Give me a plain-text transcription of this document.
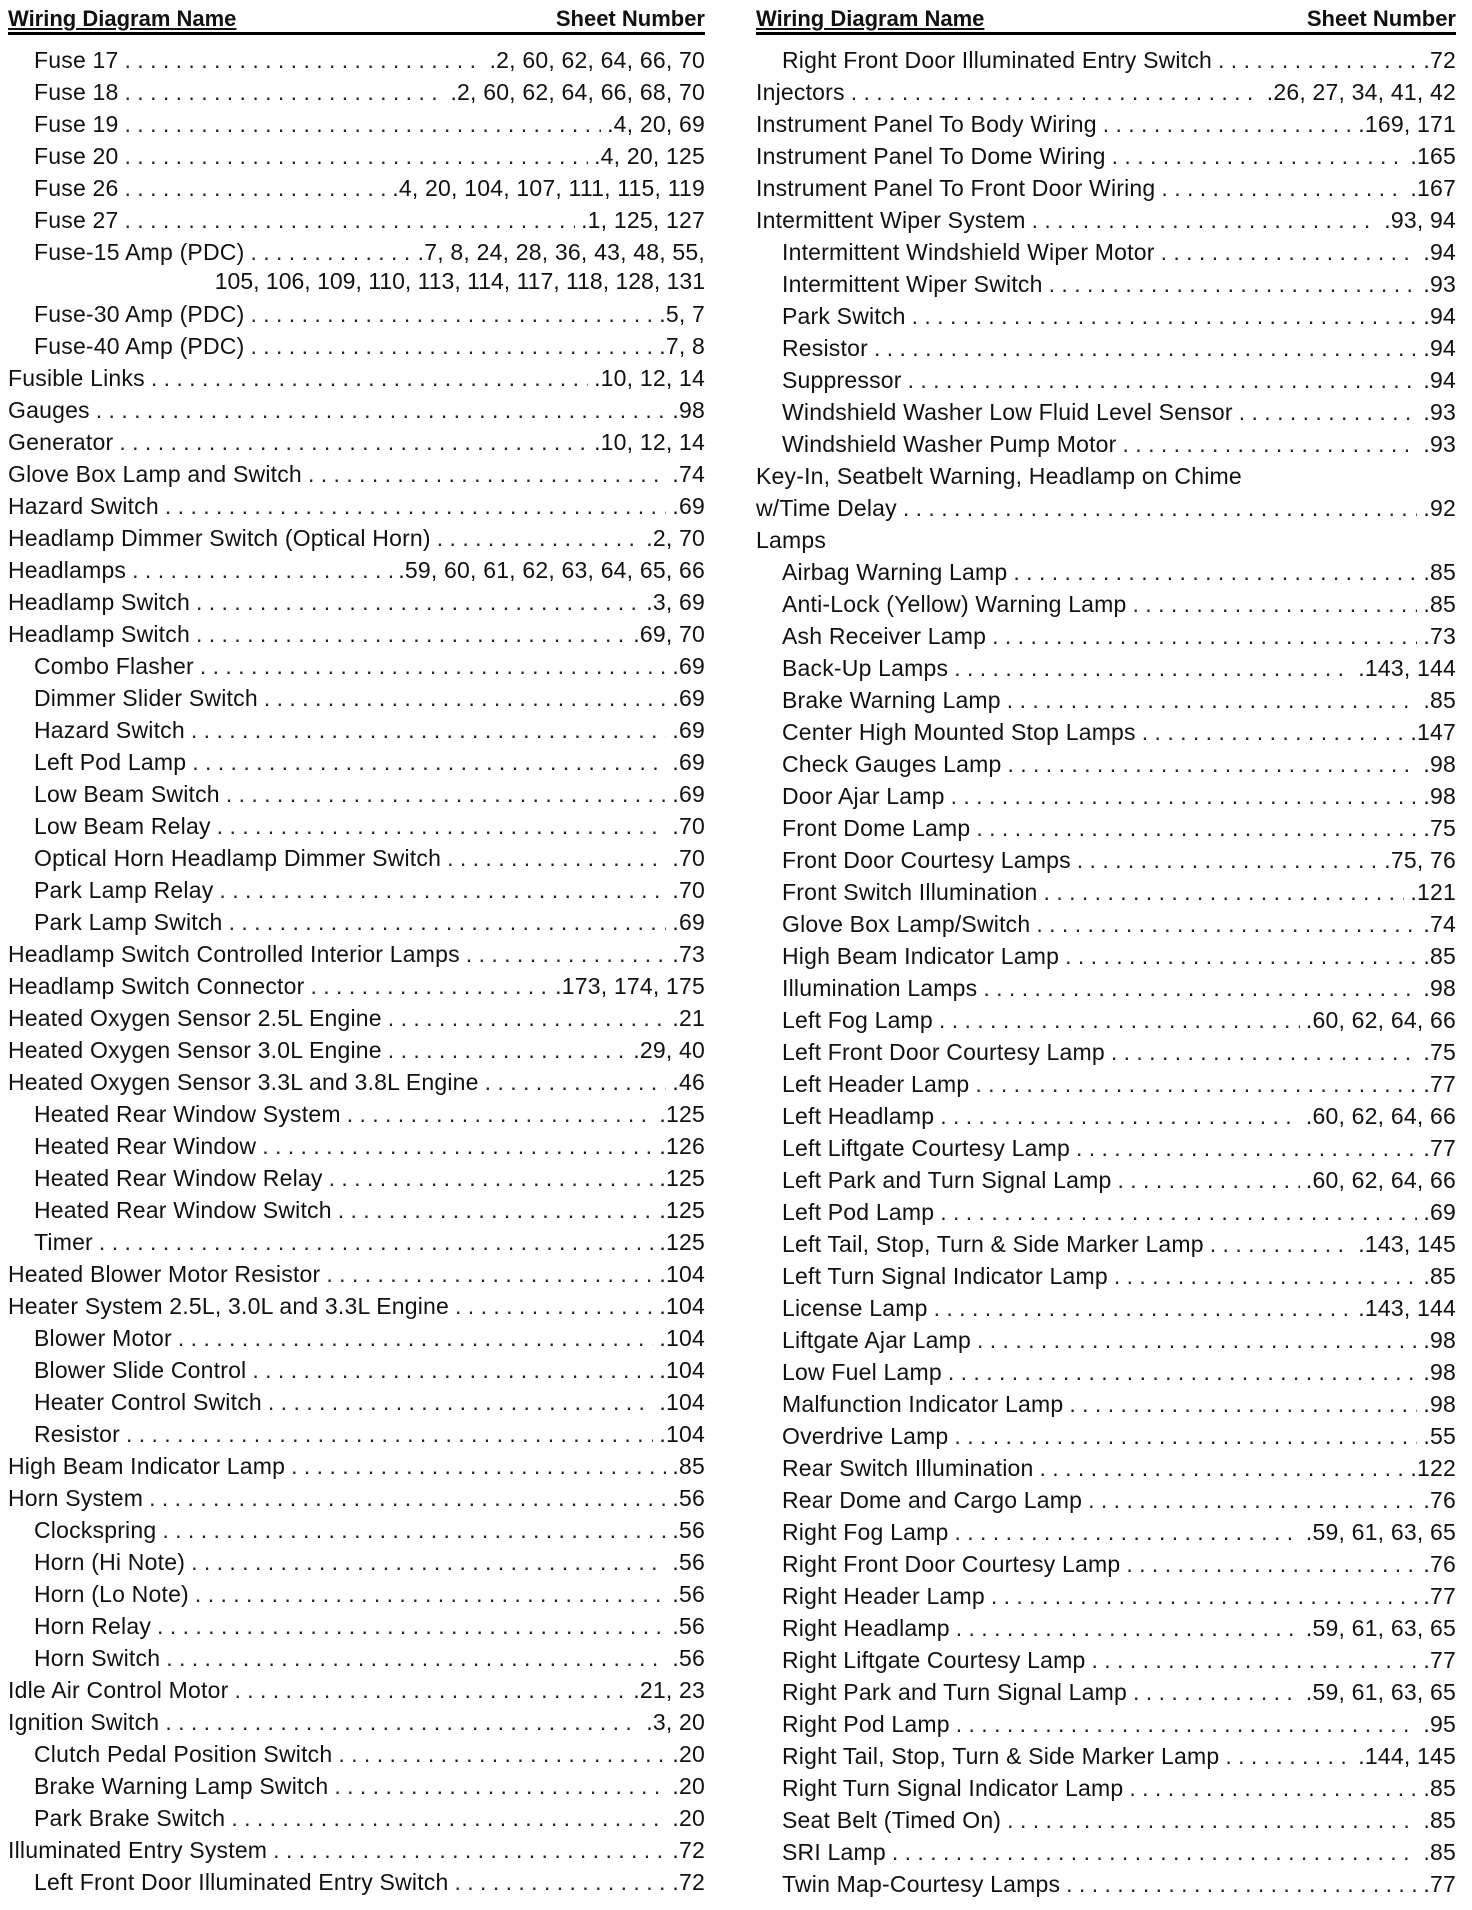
Wiring Diagram Name	Sheet Number
Fuse 17 . . .	.2, 60, 62, 64, 66, 70
Fuse 18 . . .	.2, 60, 62, 64, 66, 68, 70
Fuse 19 . . .	.4, 20, 69
Fuse 20 . . .	.4, 20, 125
Fuse 26 . . .	.4, 20, 104, 107, 111, 115, 119
Fuse 27 . . .	.1, 125, 127
Fuse-15 Amp (PDC) . . .	.7, 8, 24, 28, 36, 43, 48, 55,
105, 106, 109, 110, 113, 114, 117, 118, 128, 131
Fuse-30 Amp (PDC) . . .	.5, 7
Fuse-40 Amp (PDC) . . .	.7, 8
Fusible Links . . .	.10, 12, 14
Gauges . . .	.98
Generator . . .	.10, 12, 14
Glove Box Lamp and Switch . . .	.74
Hazard Switch . . .	.69
Headlamp Dimmer Switch (Optical Horn) . . .	.2, 70
Headlamps . . .	.59, 60, 61, 62, 63, 64, 65, 66
Headlamp Switch . . .	.3, 69
Headlamp Switch . . .	.69, 70
Combo Flasher . . .	.69
Dimmer Slider Switch . . .	.69
Hazard Switch . . .	.69
Left Pod Lamp . . .	.69
Low Beam Switch . . .	.69
Low Beam Relay . . .	.70
Optical Horn Headlamp Dimmer Switch . . .	.70
Park Lamp Relay . . .	.70
Park Lamp Switch . . .	.69
Headlamp Switch Controlled Interior Lamps . . .	.73
Headlamp Switch Connector . . .	.173, 174, 175
Heated Oxygen Sensor 2.5L Engine . . .	.21
Heated Oxygen Sensor 3.0L Engine . . .	.29, 40
Heated Oxygen Sensor 3.3L and 3.8L Engine . . .	.46
Heated Rear Window System . . .	.125
Heated Rear Window . . .	.126
Heated Rear Window Relay . . .	.125
Heated Rear Window Switch . . .	.125
Timer . . .	.125
Heated Blower Motor Resistor . . .	.104
Heater System 2.5L, 3.0L and 3.3L Engine . . .	.104
Blower Motor . . .	.104
Blower Slide Control . . .	.104
Heater Control Switch . . .	.104
Resistor . . .	.104
High Beam Indicator Lamp . . .	.85
Horn System . . .	.56
Clockspring . . .	.56
Horn (Hi Note) . . .	.56
Horn (Lo Note) . . .	.56
Horn Relay . . .	.56
Horn Switch . . .	.56
Idle Air Control Motor . . .	.21, 23
Ignition Switch . . .	.3, 20
Clutch Pedal Position Switch . . .	.20
Brake Warning Lamp Switch . . .	.20
Park Brake Switch . . .	.20
Illuminated Entry System . . .	.72
Left Front Door Illuminated Entry Switch . . .	.72
Wiring Diagram Name	Sheet Number
Right Front Door Illuminated Entry Switch . . .	.72
Injectors . . .	.26, 27, 34, 41, 42
Instrument Panel To Body Wiring . . .	.169, 171
Instrument Panel To Dome Wiring . . .	.165
Instrument Panel To Front Door Wiring . . .	.167
Intermittent Wiper System . . .	.93, 94
Intermittent Windshield Wiper Motor . . .	.94
Intermittent Wiper Switch . . .	.93
Park Switch . . .	.94
Resistor . . .	.94
Suppressor . . .	.94
Windshield Washer Low Fluid Level Sensor . . .	.93
Windshield Washer Pump Motor . . .	.93
Key-In, Seatbelt Warning, Headlamp on Chime
w/Time Delay . . .	.92
Lamps
Airbag Warning Lamp . . .	.85
Anti-Lock (Yellow) Warning Lamp . . .	.85
Ash Receiver Lamp . . .	.73
Back-Up Lamps . . .	.143, 144
Brake Warning Lamp . . .	.85
Center High Mounted Stop Lamps . . .	.147
Check Gauges Lamp . . .	.98
Door Ajar Lamp . . .	.98
Front Dome Lamp . . .	.75
Front Door Courtesy Lamps . . .	.75, 76
Front Switch Illumination . . .	.121
Glove Box Lamp/Switch . . .	.74
High Beam Indicator Lamp . . .	.85
Illumination Lamps . . .	.98
Left Fog Lamp . . .	.60, 62, 64, 66
Left Front Door Courtesy Lamp . . .	.75
Left Header Lamp . . .	.77
Left Headlamp . . .	.60, 62, 64, 66
Left Liftgate Courtesy Lamp . . .	.77
Left Park and Turn Signal Lamp . . .	.60, 62, 64, 66
Left Pod Lamp . . .	.69
Left Tail, Stop, Turn & Side Marker Lamp . . .	.143, 145
Left Turn Signal Indicator Lamp . . .	.85
License Lamp . . .	.143, 144
Liftgate Ajar Lamp . . .	.98
Low Fuel Lamp . . .	.98
Malfunction Indicator Lamp . . .	.98
Overdrive Lamp . . .	.55
Rear Switch Illumination . . .	.122
Rear Dome and Cargo Lamp . . .	.76
Right Fog Lamp . . .	.59, 61, 63, 65
Right Front Door Courtesy Lamp . . .	.76
Right Header Lamp . . .	.77
Right Headlamp . . .	.59, 61, 63, 65
Right Liftgate Courtesy Lamp . . .	.77
Right Park and Turn Signal Lamp . . .	.59, 61, 63, 65
Right Pod Lamp . . .	.95
Right Tail, Stop, Turn & Side Marker Lamp . . .	.144, 145
Right Turn Signal Indicator Lamp . . .	.85
Seat Belt (Timed On) . . .	.85
SRI Lamp . . .	.85
Twin Map-Courtesy Lamps . . .	.77
